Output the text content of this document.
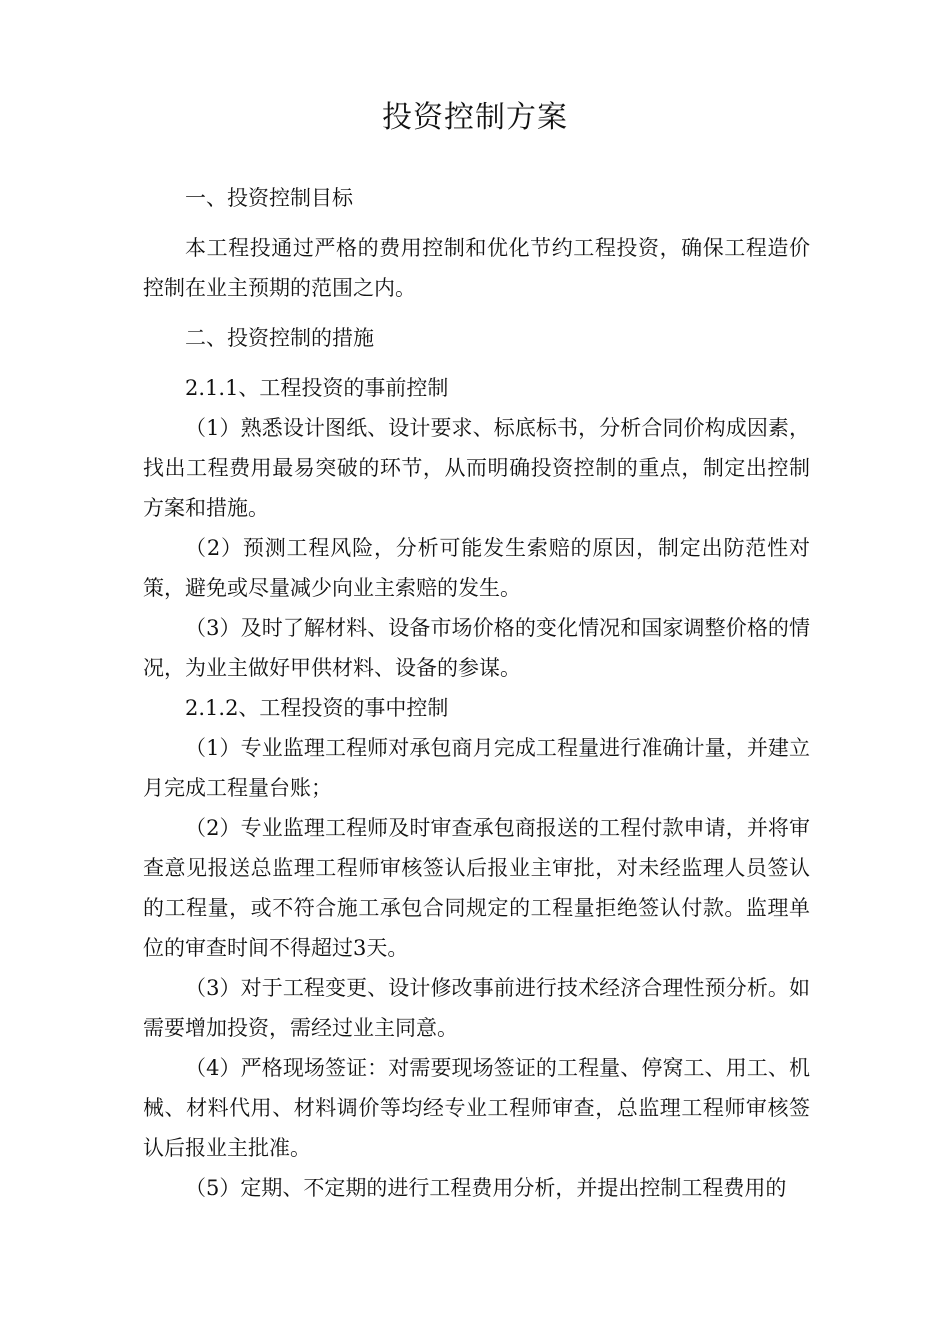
投资控制方案

一、投资控制目标

本工程投通过严格的费用控制和优化节约工程投资，确保工程造价控制在业主预期的范围之内。

二、投资控制的措施

2.1.1、工程投资的事前控制

（1）熟悉设计图纸、设计要求、标底标书，分析合同价构成因素，找出工程费用最易突破的环节，从而明确投资控制的重点，制定出控制方案和措施。

（2）预测工程风险，分析可能发生索赔的原因，制定出防范性对策，避免或尽量减少向业主索赔的发生。

（3）及时了解材料、设备市场价格的变化情况和国家调整价格的情况，为业主做好甲供材料、设备的参谋。

2.1.2、工程投资的事中控制

（1）专业监理工程师对承包商月完成工程量进行准确计量，并建立月完成工程量台账；

（2）专业监理工程师及时审查承包商报送的工程付款申请，并将审查意见报送总监理工程师审核签认后报业主审批，对未经监理人员签认的工程量，或不符合施工承包合同规定的工程量拒绝签认付款。监理单位的审查时间不得超过3天。

（3）对于工程变更、设计修改事前进行技术经济合理性预分析。如需要增加投资，需经过业主同意。

（4）严格现场签证：对需要现场签证的工程量、停窝工、用工、机械、材料代用、材料调价等均经专业工程师审查，总监理工程师审核签认后报业主批准。

（5）定期、不定期的进行工程费用分析，并提出控制工程费用的
